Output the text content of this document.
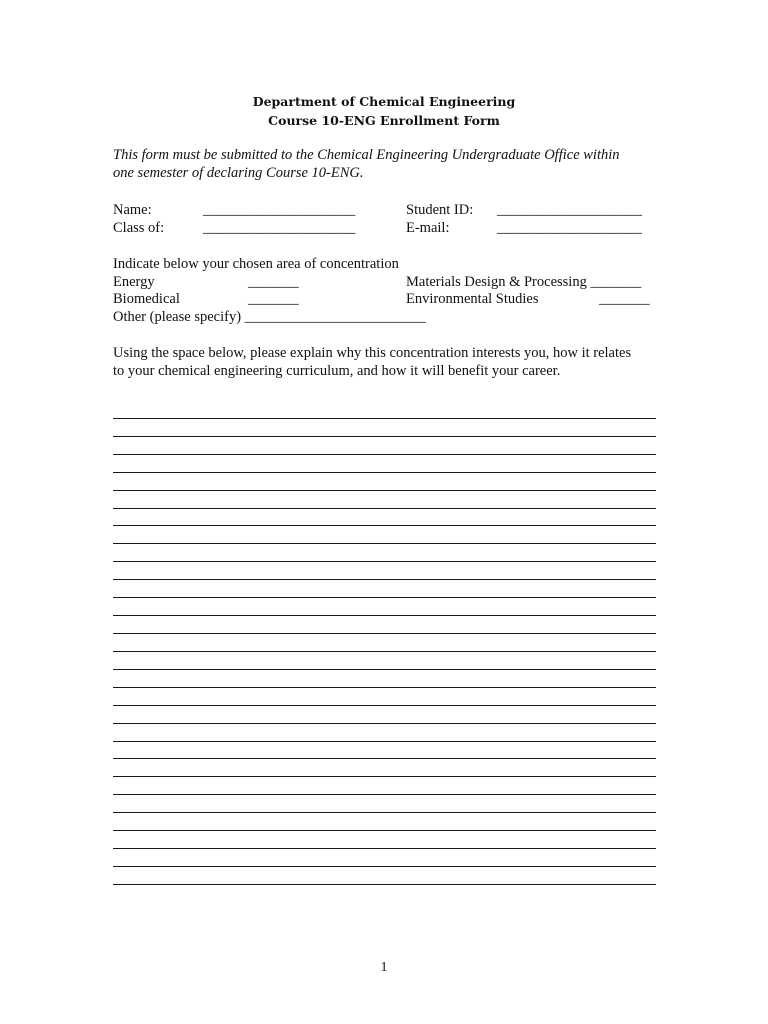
Department of Chemical Engineering
Course 10-ENG Enrollment Form
This form must be submitted to the Chemical Engineering Undergraduate Office within
one semester of declaring Course 10-ENG.
Name:	_____________________	Student ID: ____________________
Class of:	_____________________	E-mail:	____________________
Indicate below your chosen area of concentration
Energy	_______	Materials Design & Processing _______
Biomedical	_______	Environmental Studies	_______
Other (please specify) _________________________
Using the space below, please explain why this concentration interests you, how it relates
to your chemical engineering curriculum, and how it will benefit your career.
1
